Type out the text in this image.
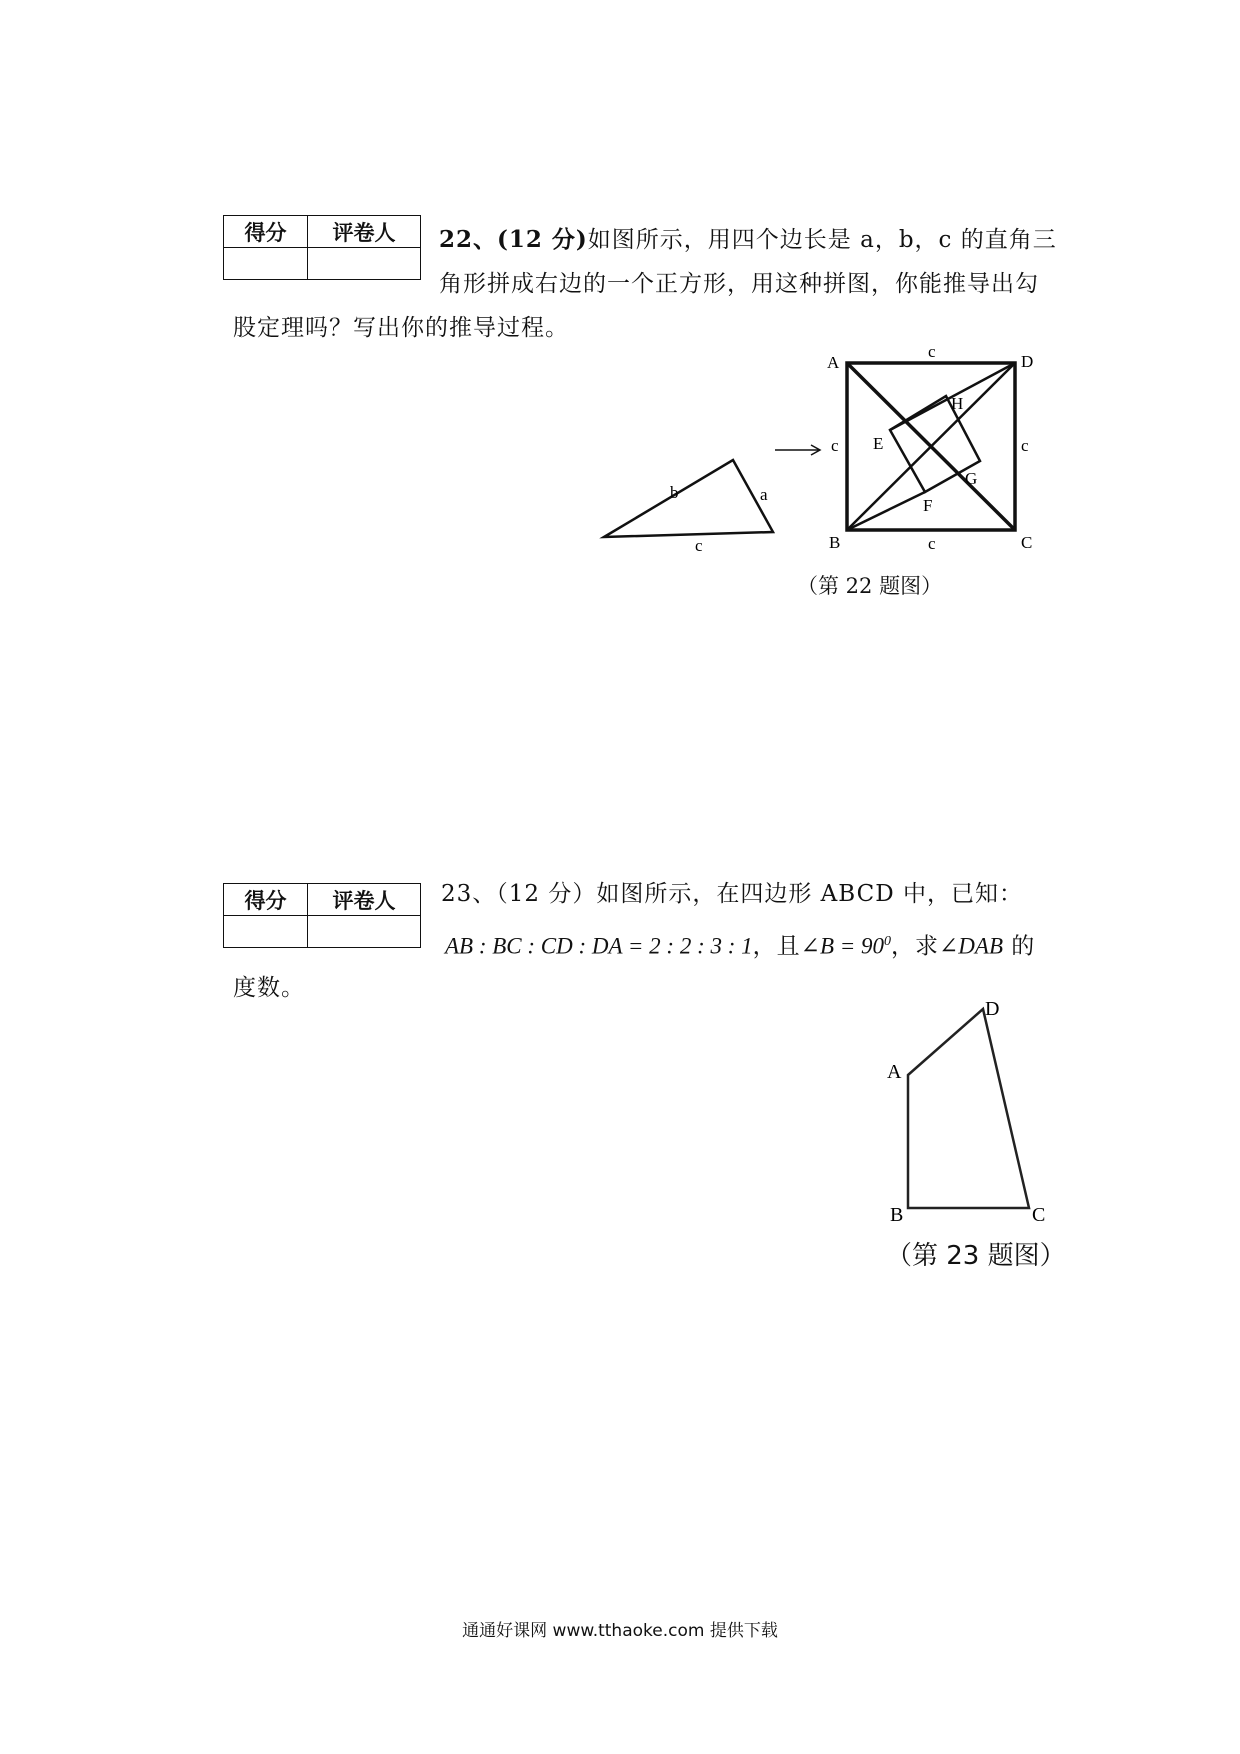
得分	评卷人
	22、(12 分)如图所示，用四个边长是 a，b，c 的直角三
角形拼成右边的一个正方形，用这种拼图，你能推导出勾
股定理吗？写出你的推导过程。
b	a
c
A	D
B	C
E
H
G
F
c
c	c
c
（第 22 题图）
得分	评卷人
	23、（12 分）如图所示，在四边形 ABCD 中，已知：
AB : BC : CD : DA = 2 : 2 : 3 : 1，且∠B = $90^0$，求∠DAB 的
度数。
A
D
B	C
（第 23 题图）
通通好课网 www.tthaoke.com 提供下载
